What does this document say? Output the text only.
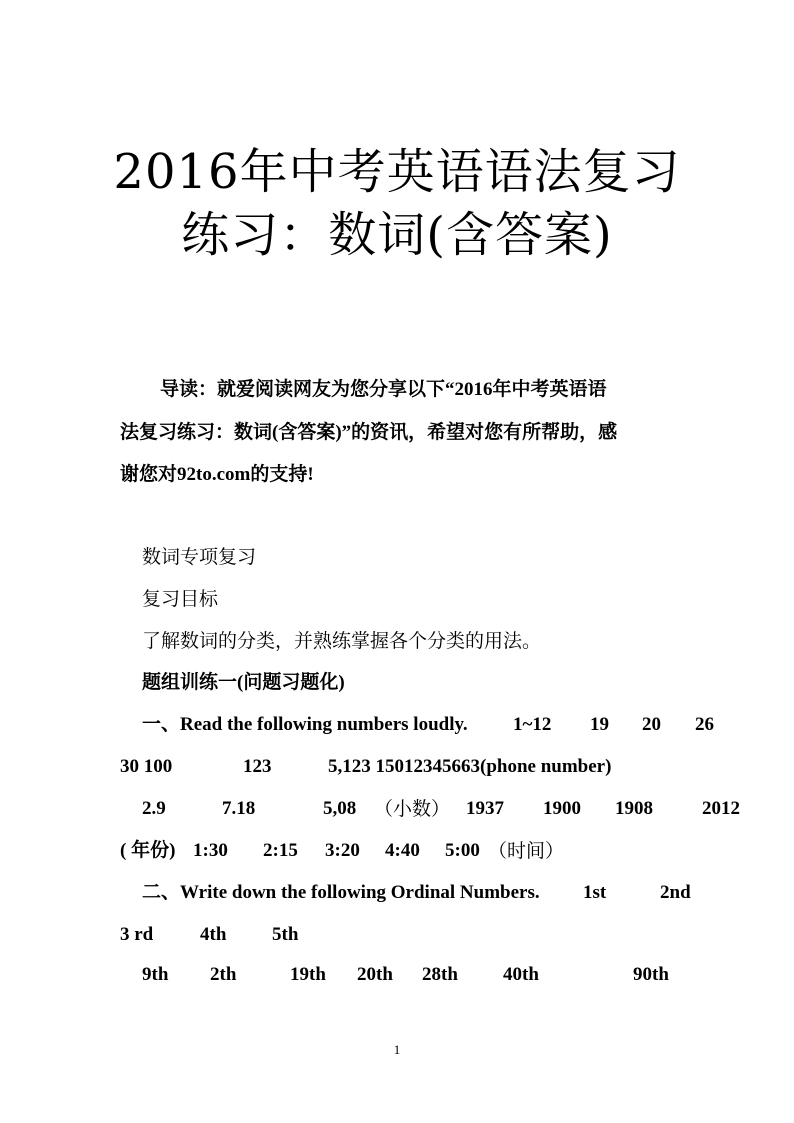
2016年中考英语语法复习
练习：数词(含答案)
导读：就爱阅读网友为您分享以下“2016年中考英语语
法复习练习：数词(含答案)”的资讯，希望对您有所帮助，感
谢您对92to.com的支持!
数词专项复习
复习目标
了解数词的分类，并熟练掌握各个分类的用法。
题组训练一(问题习题化)
一、Read the following numbers loudly. 1~12 19 20 26
30 100	123	5,123 15012345663(phone number)
2.9	7.18	5,08 （小数） 1937 1900 1908	2012
( 年份) 1:30 2:15 3:20 4:40 5:00 （时间）
二、Write down the following Ordinal Numbers. 1st	2nd
3 rd 4th 5th
9th 2th	19th 20th 28th 40th	90th
1
